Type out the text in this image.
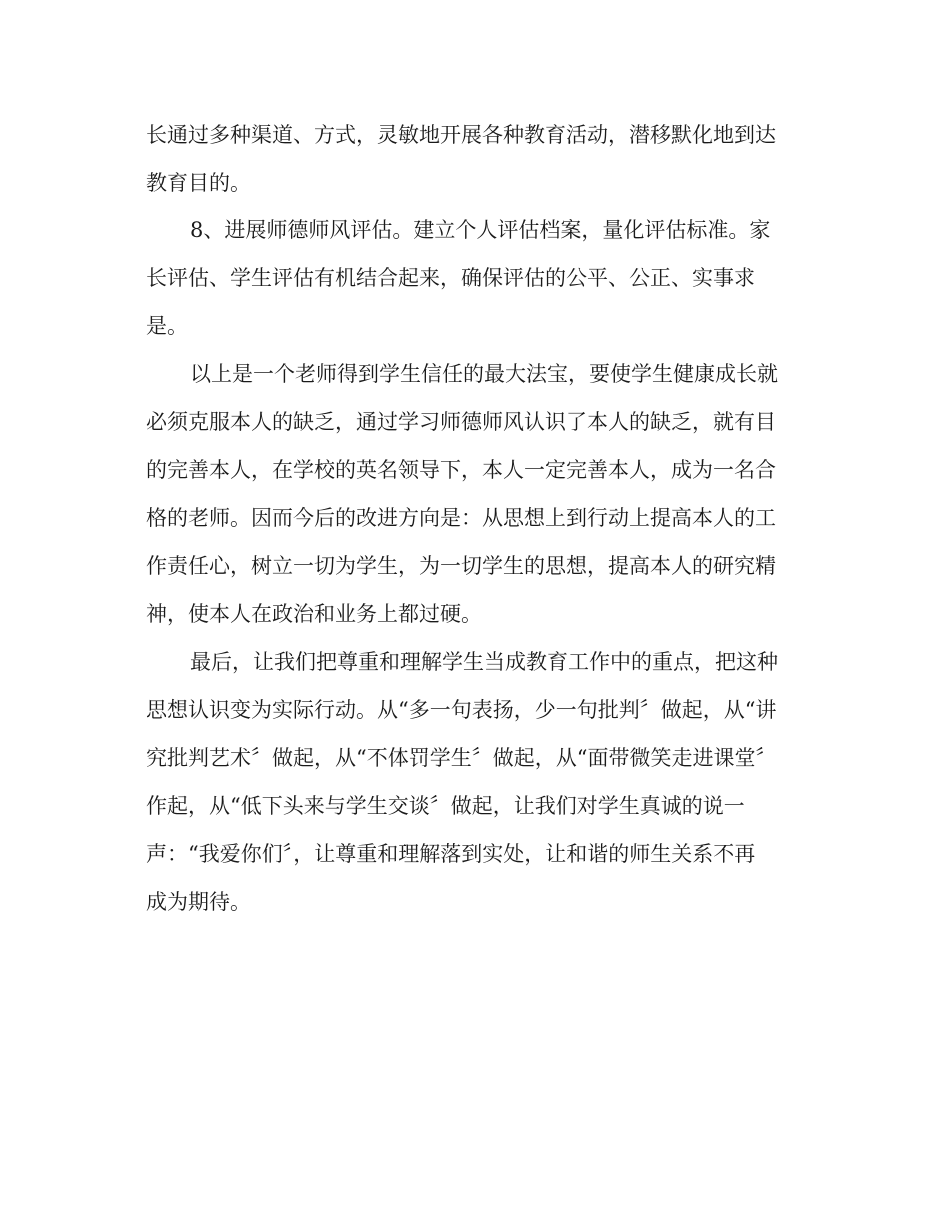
长通过多种渠道、方式，灵敏地开展各种教育活动，潜移默化地到达
教育目的。
8、进展师德师风评估。建立个人评估档案，量化评估标准。家
长评估、学生评估有机结合起来，确保评估的公平、公正、实事求
是。
以上是一个老师得到学生信任的最大法宝，要使学生健康成长就
必须克服本人的缺乏，通过学习师德师风认识了本人的缺乏，就有目
的完善本人，在学校的英名领导下，本人一定完善本人，成为一名合
格的老师。因而今后的改进方向是：从思想上到行动上提高本人的工
作责任心，树立一切为学生，为一切学生的思想，提高本人的研究精
神，使本人在政治和业务上都过硬。
最后，让我们把尊重和理解学生当成教育工作中的重点，把这种
思想认识变为实际行动。从“多一句表扬，少一句批判〞做起，从“讲
究批判艺术〞做起，从“不体罚学生〞做起，从“面带微笑走进课堂〞
作起，从“低下头来与学生交谈〞做起，让我们对学生真诚的说一
声：“我爱你们〞，让尊重和理解落到实处，让和谐的师生关系不再
成为期待。
